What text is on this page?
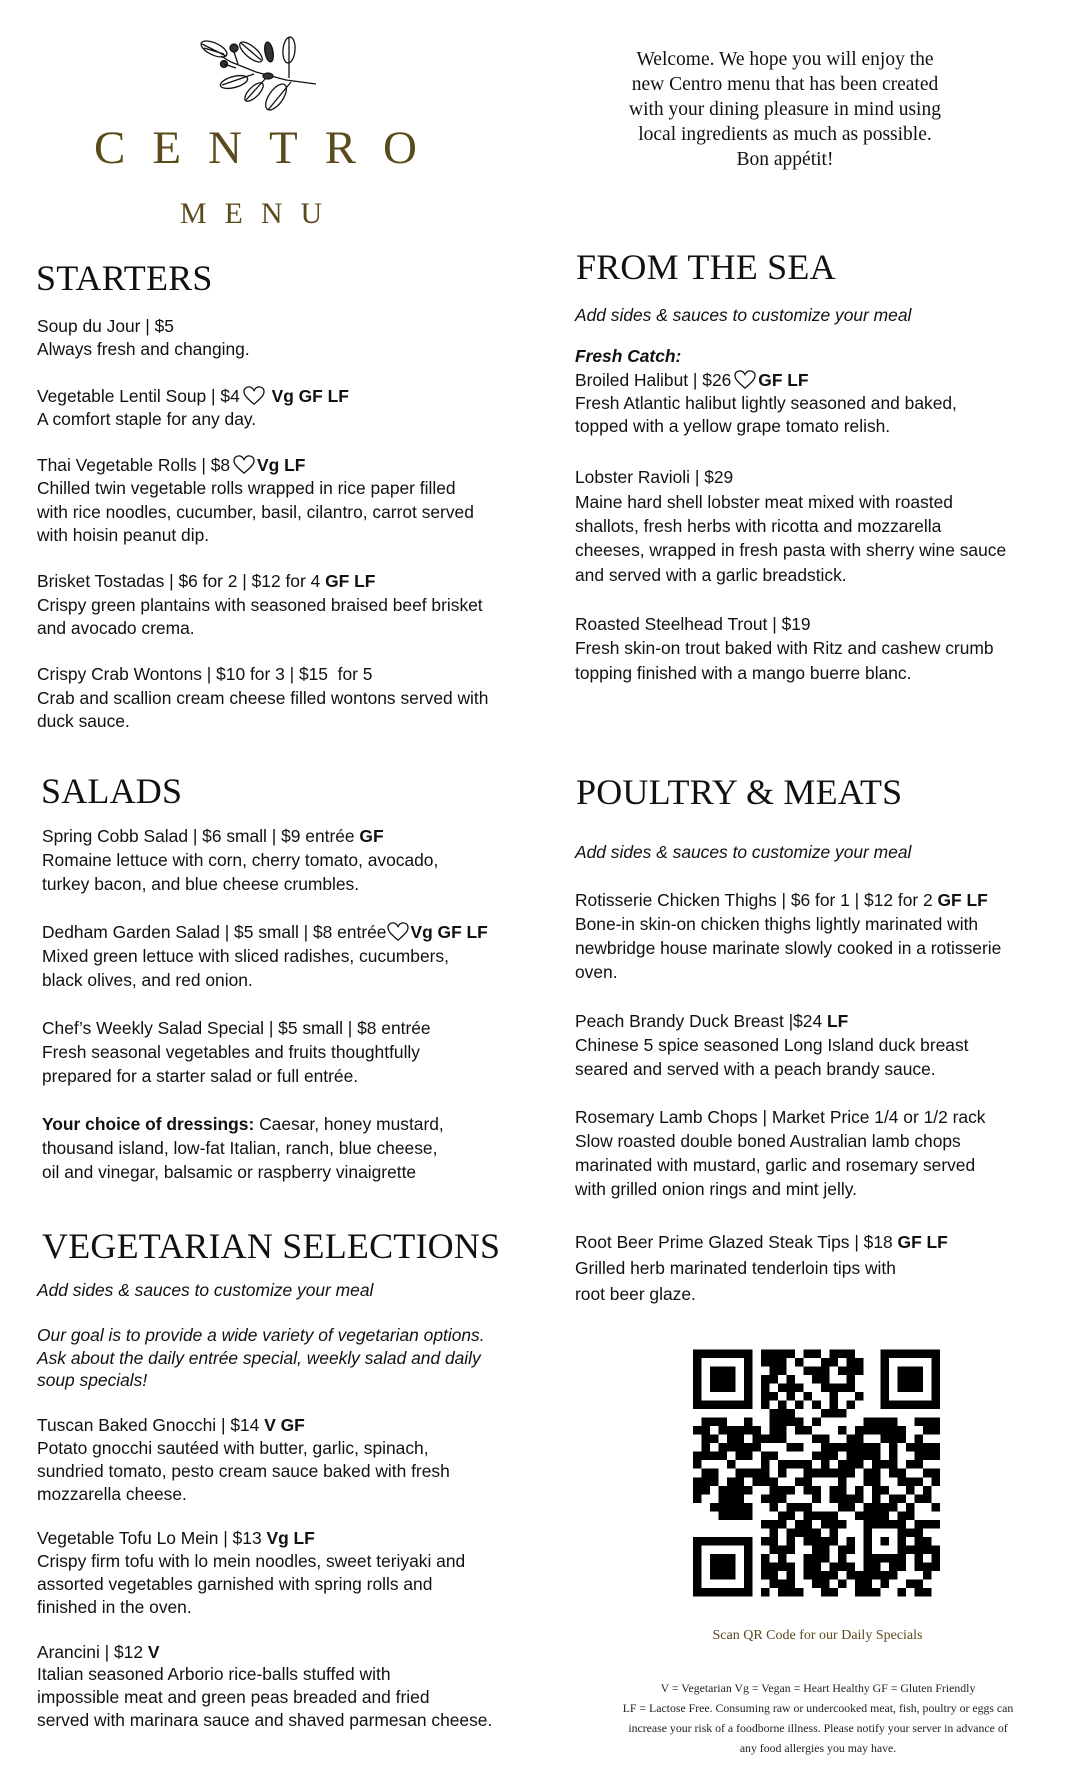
CENTRO
MENU
Welcome. We hope you will enjoy the
new Centro menu that has been created
with your dining pleasure in mind using
local ingredients as much as possible.
Bon appétit!
STARTERS
Soup du Jour | $5
Always fresh and changing.
Vegetable Lentil Soup | $4 Vg GF LF
A comfort staple for any day.
Thai Vegetable Rolls | $8 Vg LF
Chilled twin vegetable rolls wrapped in rice paper filled
with rice noodles, cucumber, basil, cilantro, carrot served
with hoisin peanut dip.
Brisket Tostadas | $6 for 2 | $12 for 4 GF LF
Crispy green plantains with seasoned braised beef brisket
and avocado crema.
Crispy Crab Wontons | $10 for 3 | $15  for 5
Crab and scallion cream cheese filled wontons served with
duck sauce.
FROM THE SEA
Add sides & sauces to customize your meal
Fresh Catch:
Broiled Halibut | $26 GF LF
Fresh Atlantic halibut lightly seasoned and baked,
topped with a yellow grape tomato relish.
Lobster Ravioli | $29
Maine hard shell lobster meat mixed with roasted
shallots, fresh herbs with ricotta and mozzarella
cheeses, wrapped in fresh pasta with sherry wine sauce
and served with a garlic breadstick.
Roasted Steelhead Trout | $19
Fresh skin-on trout baked with Ritz and cashew crumb
topping finished with a mango buerre blanc.
SALADS
Spring Cobb Salad | $6 small | $9 entrée GF
Romaine lettuce with corn, cherry tomato, avocado,
turkey bacon, and blue cheese crumbles.
Dedham Garden Salad | $5 small | $8 entrée Vg GF LF
Mixed green lettuce with sliced radishes, cucumbers,
black olives, and red onion.
Chef’s Weekly Salad Special | $5 small | $8 entrée
Fresh seasonal vegetables and fruits thoughtfully
prepared for a starter salad or full entrée.
Your choice of dressings: Caesar, honey mustard,
thousand island, low-fat Italian, ranch, blue cheese,
oil and vinegar, balsamic or raspberry vinaigrette
VEGETARIAN SELECTIONS
Add sides & sauces to customize your meal
Our goal is to provide a wide variety of vegetarian options.
Ask about the daily entrée special, weekly salad and daily
soup specials!
Tuscan Baked Gnocchi | $14 V GF
Potato gnocchi sautéed with butter, garlic, spinach,
sundried tomato, pesto cream sauce baked with fresh
mozzarella cheese.
Vegetable Tofu Lo Mein | $13 Vg LF
Crispy firm tofu with lo mein noodles, sweet teriyaki and
assorted vegetables garnished with spring rolls and
finished in the oven.
Arancini | $12 V
Italian seasoned Arborio rice-balls stuffed with
impossible meat and green peas breaded and fried
served with marinara sauce and shaved parmesan cheese.
POULTRY & MEATS
Add sides & sauces to customize your meal
Rotisserie Chicken Thighs | $6 for 1 | $12 for 2 GF LF
Bone-in skin-on chicken thighs lightly marinated with
newbridge house marinate slowly cooked in a rotisserie
oven.
Peach Brandy Duck Breast |$24 LF
Chinese 5 spice seasoned Long Island duck breast
seared and served with a peach brandy sauce.
Rosemary Lamb Chops | Market Price 1/4 or 1/2 rack
Slow roasted double boned Australian lamb chops
marinated with mustard, garlic and rosemary served
with grilled onion rings and mint jelly.
Root Beer Prime Glazed Steak Tips | $18 GF LF
Grilled herb marinated tenderloin tips with
root beer glaze.
Scan QR Code for our Daily Specials
V = Vegetarian Vg = Vegan = Heart Healthy GF = Gluten Friendly
LF = Lactose Free. Consuming raw or undercooked meat, fish, poultry or eggs can
increase your risk of a foodborne illness. Please notify your server in advance of
any food allergies you may have.
